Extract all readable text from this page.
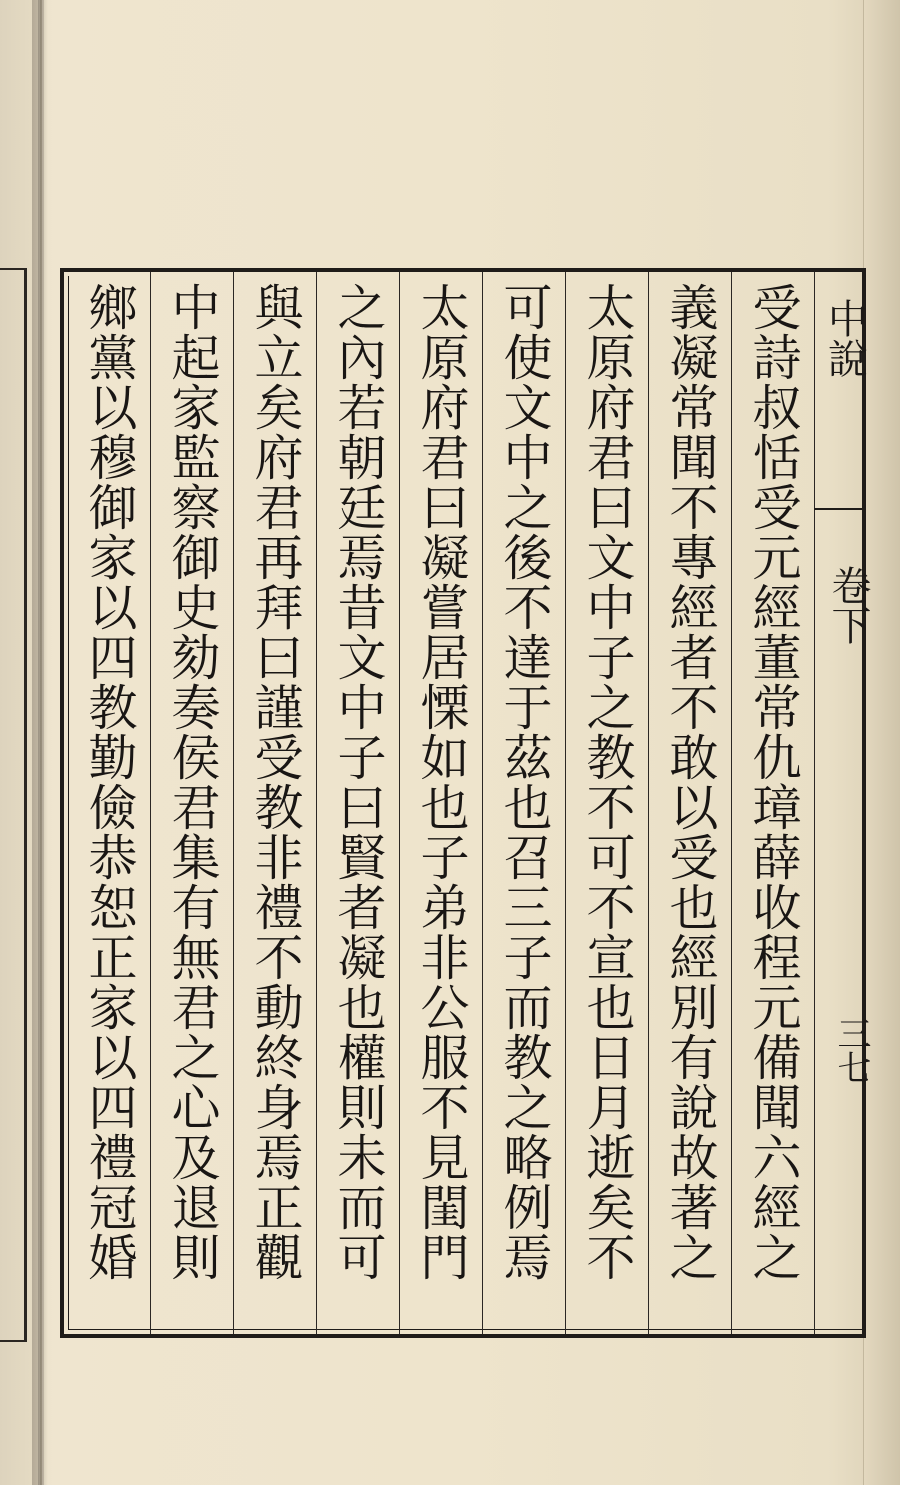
中說
卷下
三七
受詩叔恬受元經董常仇璋薛收程元備聞六經之
義凝常聞不專經者不敢以受也經別有說故著之
太原府君曰文中子之教不可不宣也日月逝矣不
可使文中之後不達于茲也召三子而教之略例焉
太原府君曰凝嘗居慄如也子弟非公服不見閨門
之內若朝廷焉昔文中子曰賢者凝也權則未而可
與立矣府君再拜曰謹受教非禮不動終身焉正觀
中起家監察御史劾奏侯君集有無君之心及退則
鄉黨以穆御家以四教勤儉恭恕正家以四禮冠婚
